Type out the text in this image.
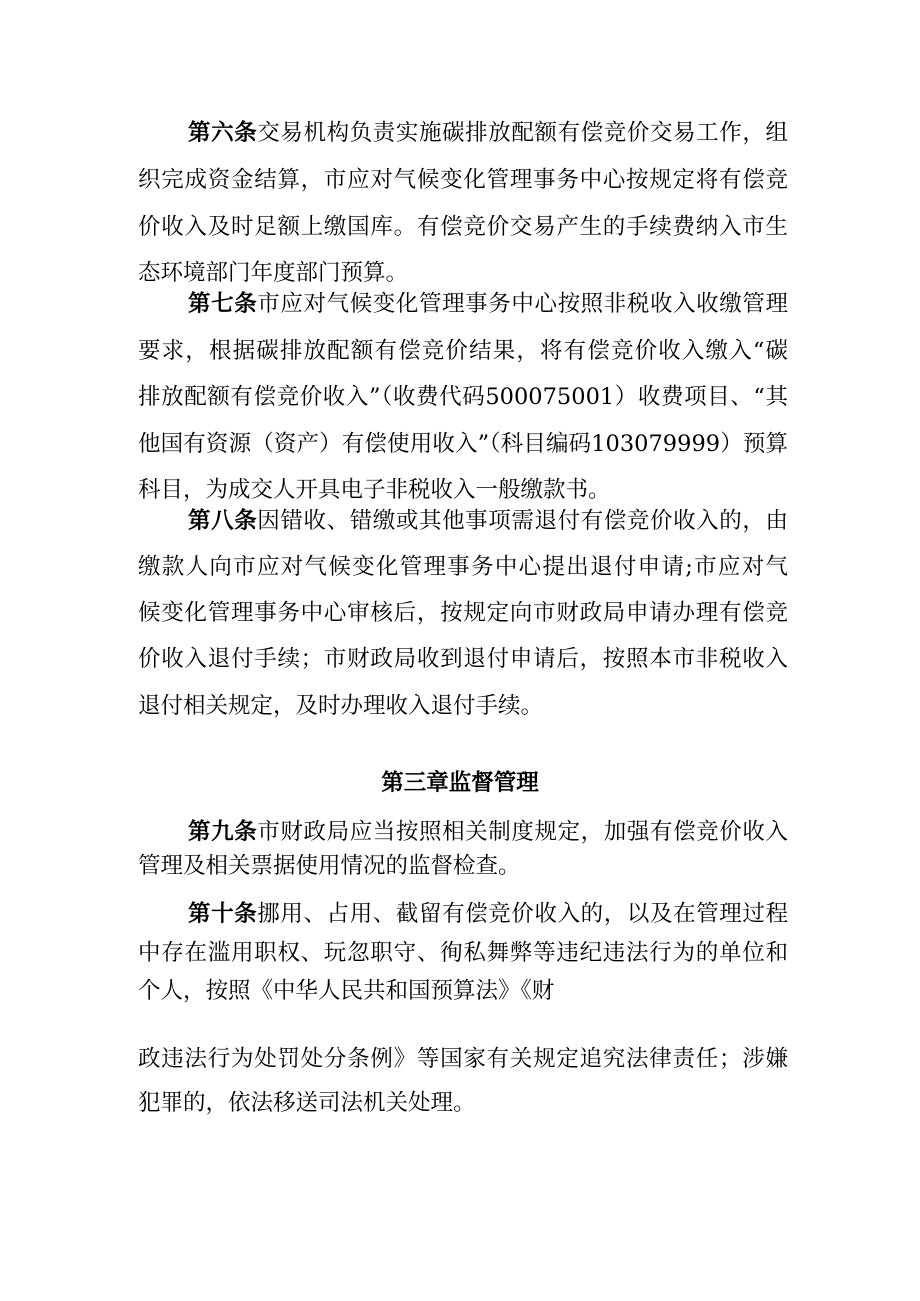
第六条交易机构负责实施碳排放配额有偿竞价交易工作，组
织完成资金结算，市应对气候变化管理事务中心按规定将有偿竞
价收入及时足额上缴国库。有偿竞价交易产生的手续费纳入市生
态环境部门年度部门预算。
第七条市应对气候变化管理事务中心按照非税收入收缴管理
要求，根据碳排放配额有偿竞价结果，将有偿竞价收入缴入“碳
排放配额有偿竞价收入”（收费代码500075001）收费项目、“其
他国有资源（资产）有偿使用收入”（科目编码103079999）预算
科目，为成交人开具电子非税收入一般缴款书。
第八条因错收、错缴或其他事项需退付有偿竞价收入的，由
缴款人向市应对气候变化管理事务中心提出退付申请;市应对气
候变化管理事务中心审核后，按规定向市财政局申请办理有偿竞
价收入退付手续；市财政局收到退付申请后，按照本市非税收入
退付相关规定，及时办理收入退付手续。
第三章监督管理
第九条市财政局应当按照相关制度规定，加强有偿竞价收入
管理及相关票据使用情况的监督检查。
第十条挪用、占用、截留有偿竞价收入的，以及在管理过程
中存在滥用职权、玩忽职守、徇私舞弊等违纪违法行为的单位和
个人，按照《中华人民共和国预算法》《财
政违法行为处罚处分条例》等国家有关规定追究法律责任；涉嫌
犯罪的，依法移送司法机关处理。
